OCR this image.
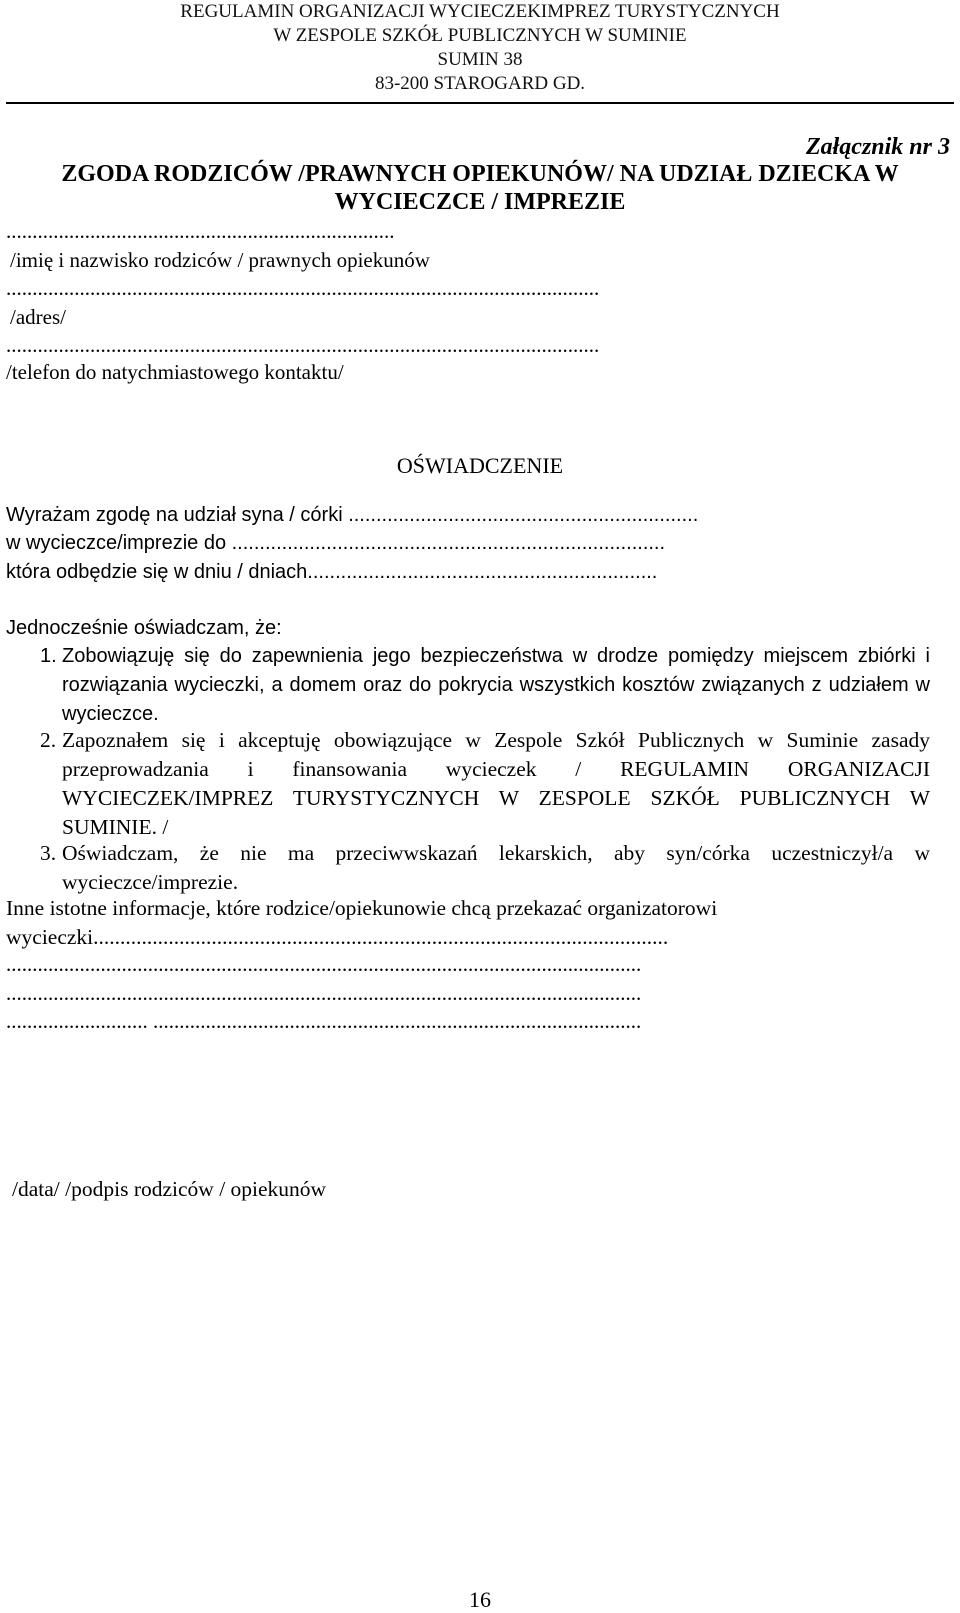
REGULAMIN ORGANIZACJI WYCIECZEKIMPREZ TURYSTYCZNYCH
W ZESPOLE SZKÓŁ PUBLICZNYCH W SUMINIE
SUMIN 38
83-200 STAROGARD GD.
Załącznik nr 3
ZGODA RODZICÓW /PRAWNYCH OPIEKUNÓW/ NA UDZIAŁ DZIECKA W
WYCIECZCE / IMPREZIE
..........................................................................
/imię i nazwisko rodziców / prawnych opiekunów
.................................................................................................................
/adres/
.................................................................................................................
/telefon do natychmiastowego kontaktu/
OŚWIADCZENIE
Wyrażam zgodę na udział syna / córki ...............................................................
w wycieczce/imprezie do ..............................................................................
która odbędzie się w dniu / dniach...............................................................
Jednocześnie oświadczam, że:
1. Zobowiązuję się do zapewnienia jego bezpieczeństwa w drodze pomiędzy miejscem zbiórki i rozwiązania wycieczki, a domem oraz do pokrycia wszystkich kosztów związanych z udziałem w wycieczce.

2. Zapoznałem się i akceptuję obowiązujące w Zespole Szkół Publicznych w Suminie zasady przeprowadzania i finansowania wycieczek / REGULAMIN ORGANIZACJI WYCIECZEK/IMPREZ TURYSTYCZNYCH W ZESPOLE SZKÓŁ PUBLICZNYCH W SUMINIE. /

3. Oświadczam, że nie ma przeciwwskazań lekarskich, aby syn/córka uczestniczył/a w wycieczce/imprezie.

Inne istotne informacje, które rodzice/opiekunowie chcą przekazać organizatorowi
wycieczki...........................................................................................................
.........................................................................................................................
.........................................................................................................................
........................... .............................................................................................
/data/ /podpis rodziców / opiekunów
16
